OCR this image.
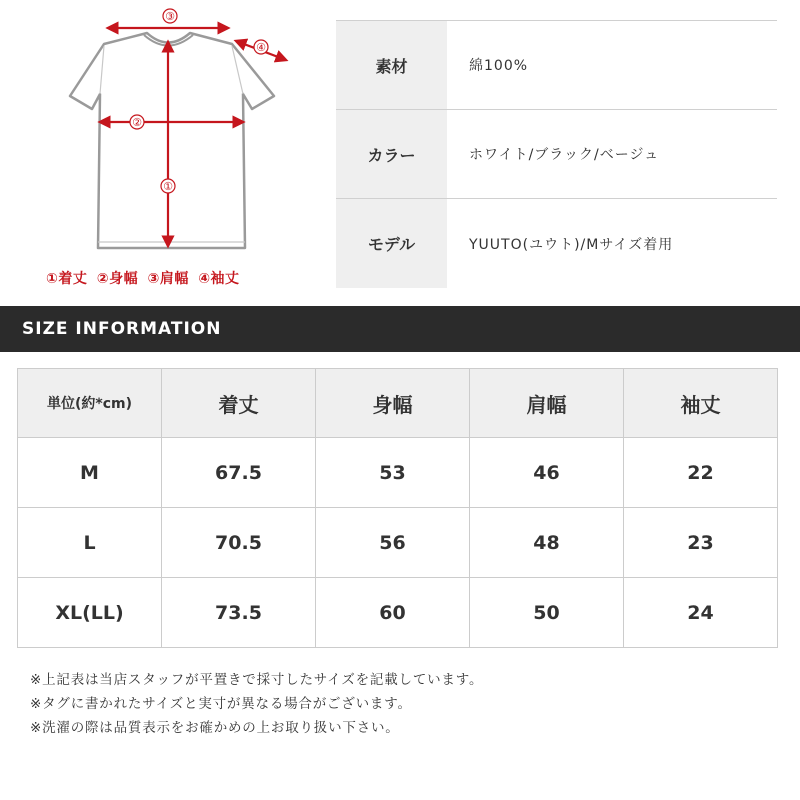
③
④
②
①
①着丈 ②身幅 ③肩幅 ④袖丈
素材	綿100%
カラー	ホワイト/ブラック/ベージュ
モデル	YUUTO(ユウト)/Mサイズ着用
SIZE INFORMATION
単位(約*cm)	着丈	身幅	肩幅	袖丈
M	67.5	53	46	22
L	70.5	56	48	23
XL(LL)	73.5	60	50	24
※上記表は当店スタッフが平置きで採寸したサイズを記載しています。
※タグに書かれたサイズと実寸が異なる場合がございます。
※洗濯の際は品質表示をお確かめの上お取り扱い下さい。
